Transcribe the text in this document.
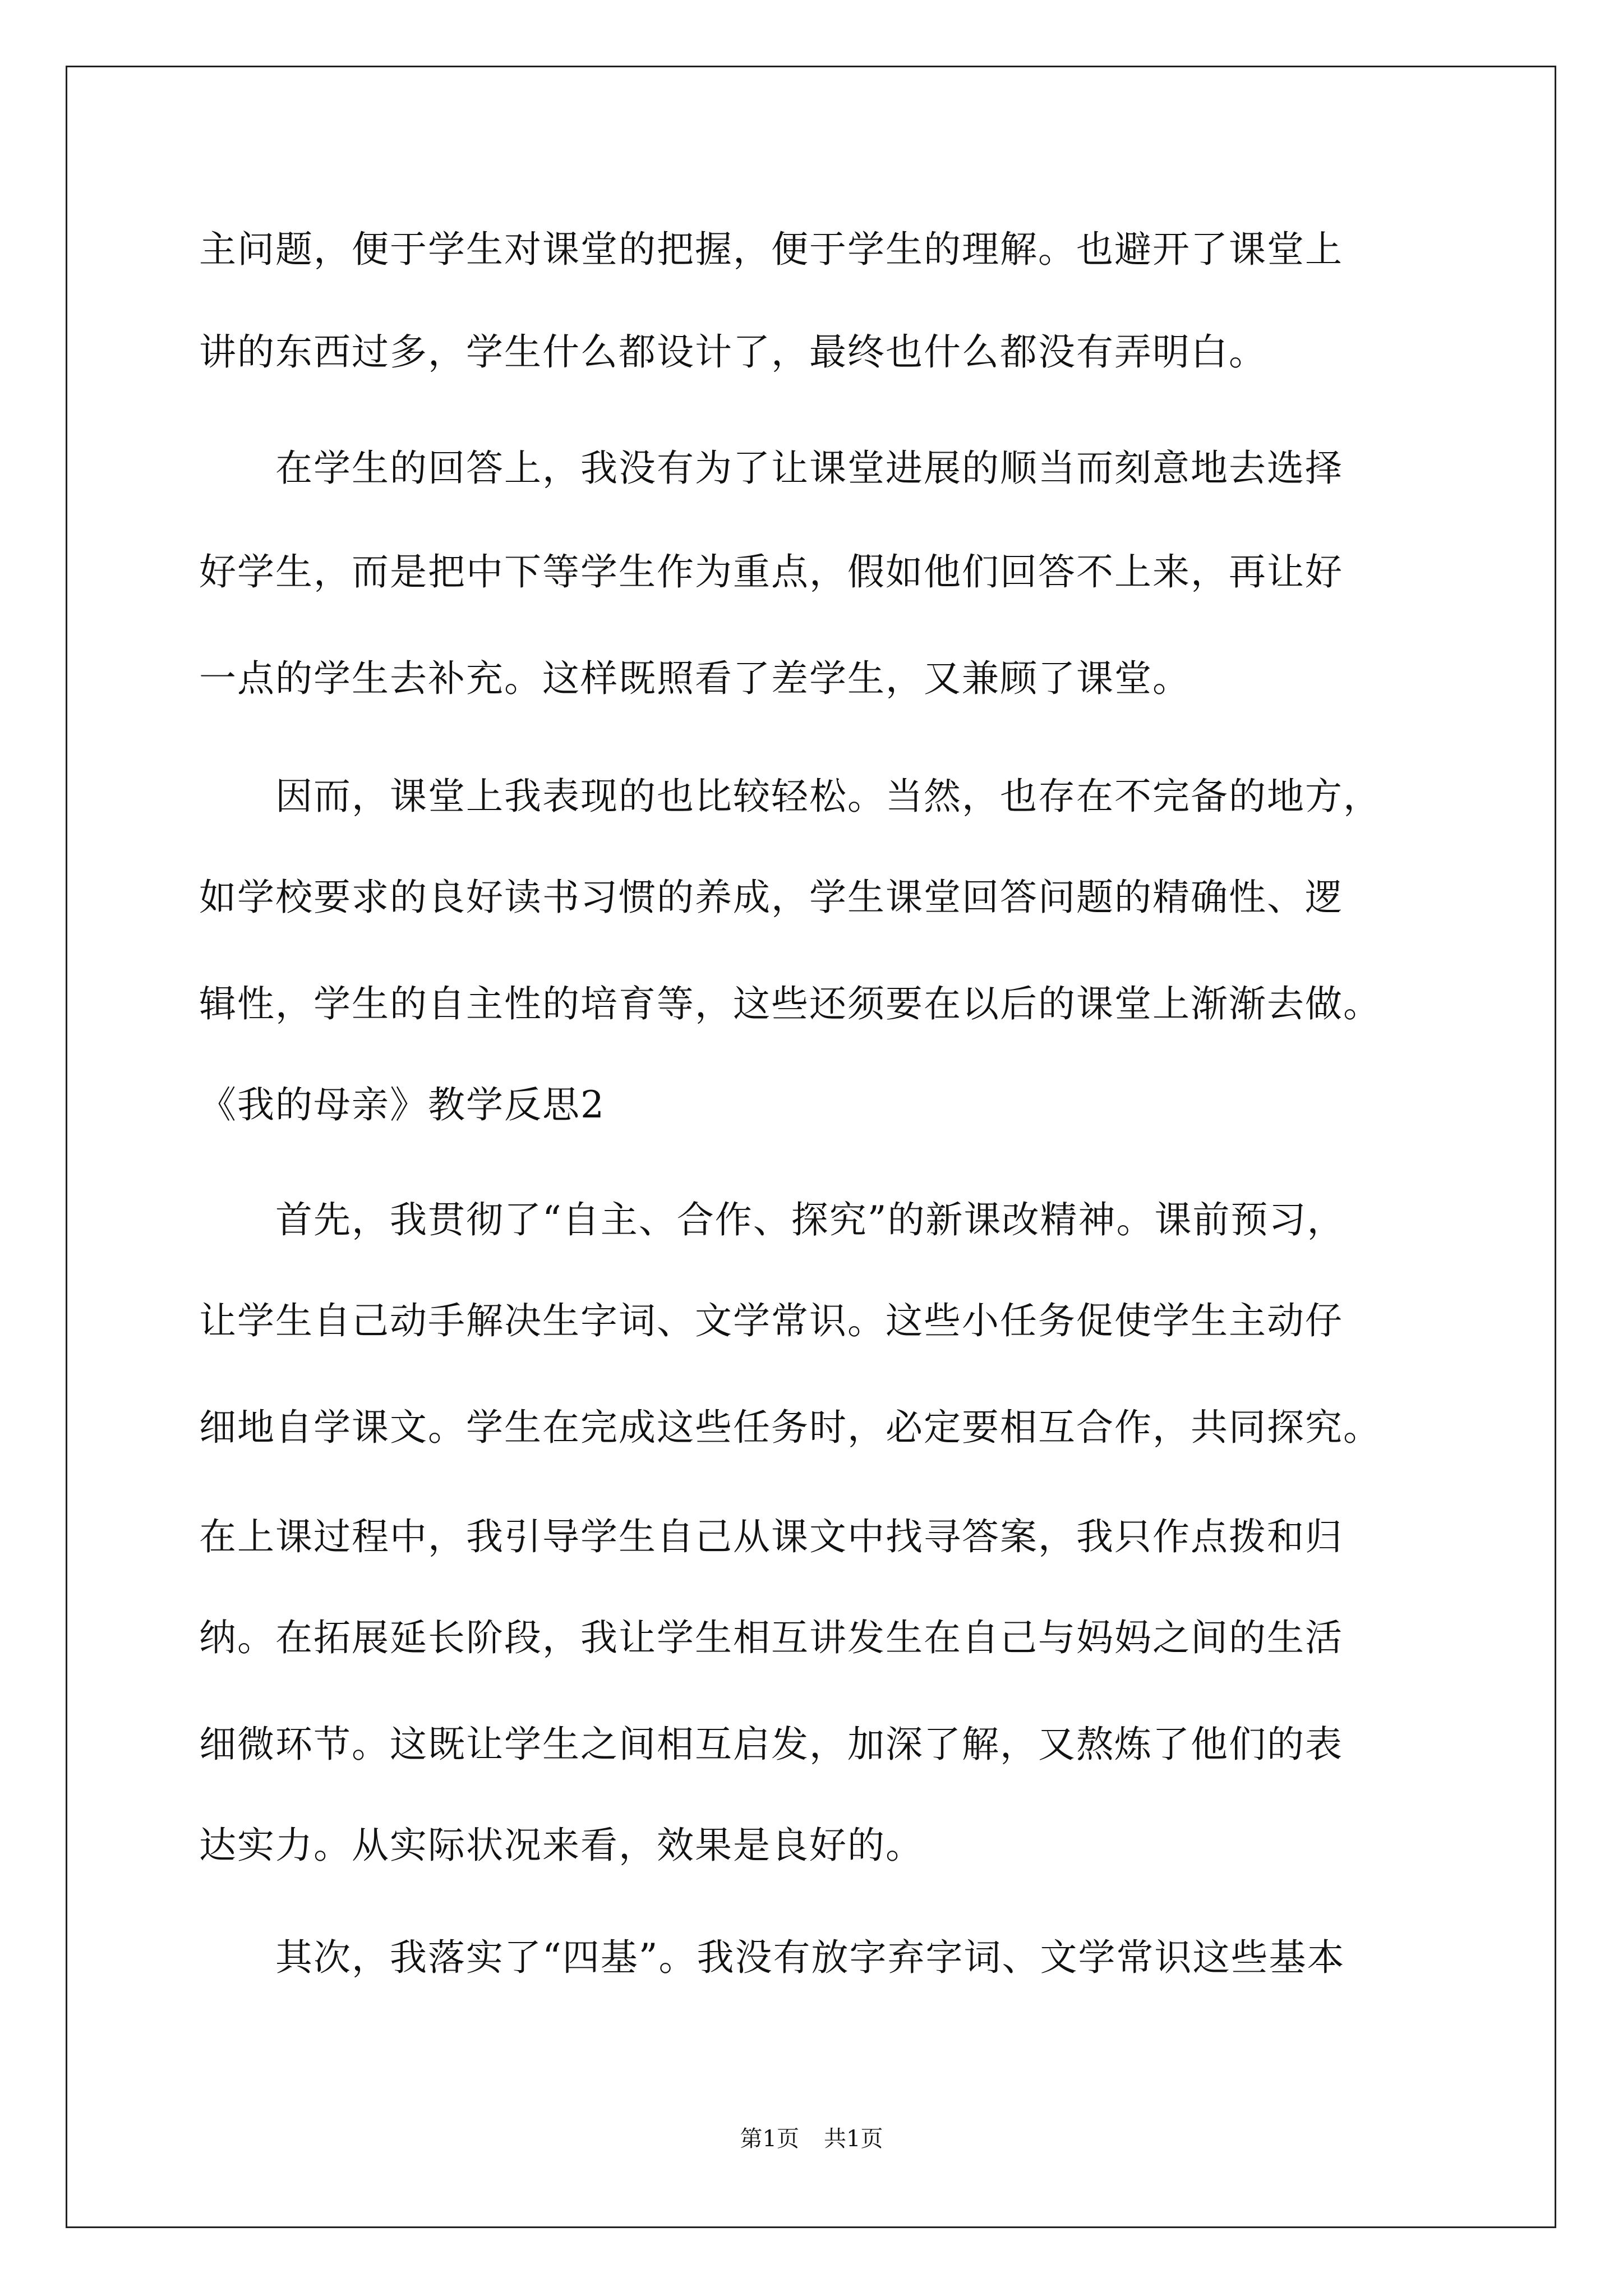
主问题，便于学生对课堂的把握，便于学生的理解。也避开了课堂上
讲的东西过多，学生什么都设计了，最终也什么都没有弄明白。
　　在学生的回答上，我没有为了让课堂进展的顺当而刻意地去选择
好学生，而是把中下等学生作为重点，假如他们回答不上来，再让好
一点的学生去补充。这样既照看了差学生，又兼顾了课堂。
　　因而，课堂上我表现的也比较轻松。当然，也存在不完备的地方，
如学校要求的良好读书习惯的养成，学生课堂回答问题的精确性、逻
辑性，学生的自主性的培育等，这些还须要在以后的课堂上渐渐去做。
《我的母亲》教学反思2
　　首先，我贯彻了“自主、合作、探究”的新课改精神。课前预习，
让学生自己动手解决生字词、文学常识。这些小任务促使学生主动仔
细地自学课文。学生在完成这些任务时，必定要相互合作，共同探究。
在上课过程中，我引导学生自己从课文中找寻答案，我只作点拨和归
纳。在拓展延长阶段，我让学生相互讲发生在自己与妈妈之间的生活
细微环节。这既让学生之间相互启发，加深了解，又熬炼了他们的表
达实力。从实际状况来看，效果是良好的。
　　其次，我落实了“四基”。我没有放字弃字词、文学常识这些基本
第1页 共1页
